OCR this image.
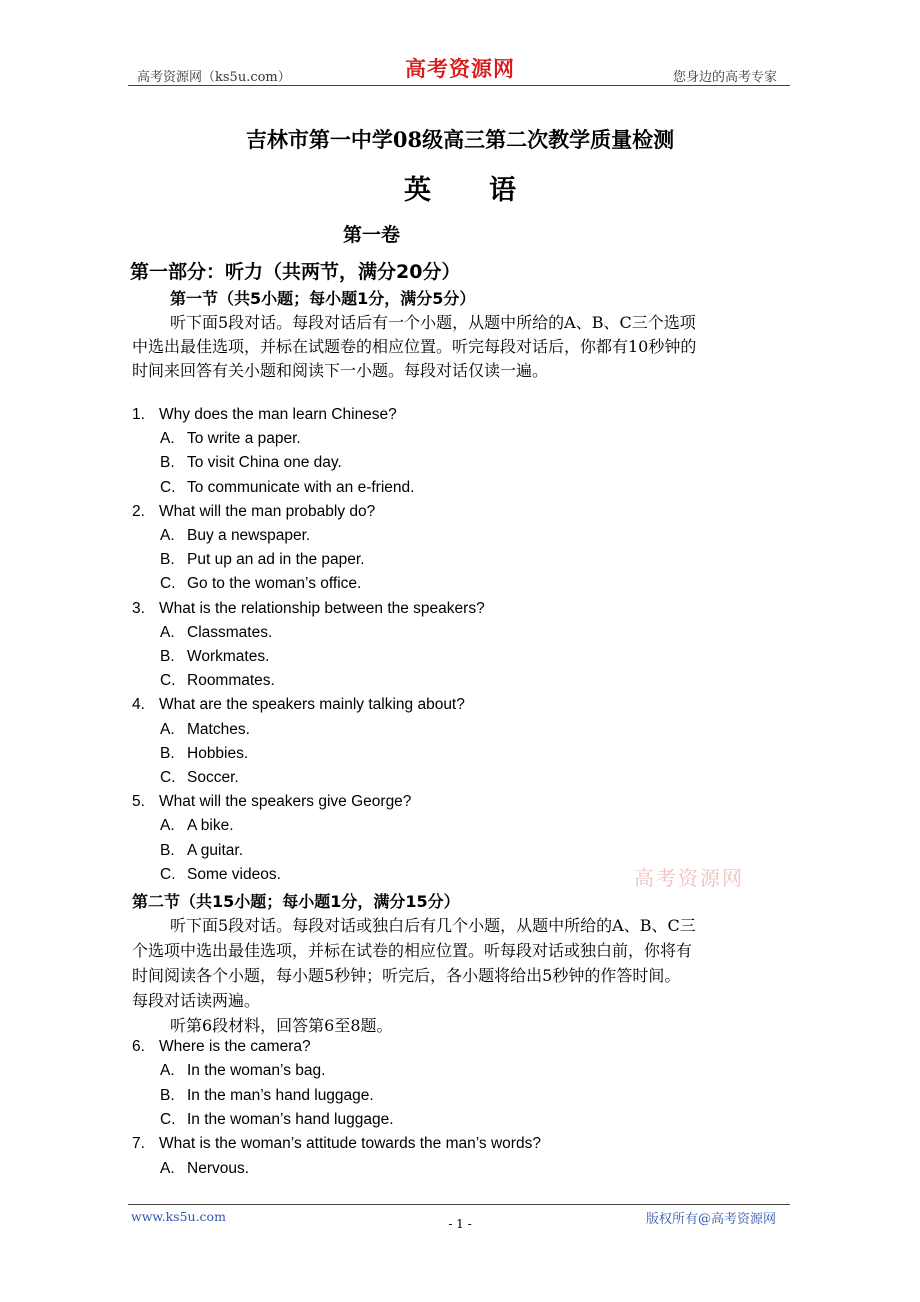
高考资源网（ks5u.com）	高考资源网	您身边的高考专家
吉林市第一中学08级高三第二次教学质量检测
英语
第一卷
第一部分：听力（共两节，满分20分）
第一节（共5小题；每小题1分，满分5分）
听下面5段对话。每段对话后有一个小题，从题中所给的A、B、C三个选项
中选出最佳选项，并标在试题卷的相应位置。听完每段对话后，你都有10秒钟的
时间来回答有关小题和阅读下一小题。每段对话仅读一遍。
1. Why does the man learn Chinese?
A. To write a paper.
B. To visit China one day.
C. To communicate with an e-friend.
2. What will the man probably do?
A. Buy a newspaper.
B. Put up an ad in the paper.
C. Go to the woman’s office.
3. What is the relationship between the speakers?
A. Classmates.
B. Workmates.
C. Roommates.
4. What are the speakers mainly talking about?
A. Matches.
B. Hobbies.
C. Soccer.
5. What will the speakers give George?
A. A bike.
B. A guitar.
C. Some videos.	高考资源网
第二节（共15小题；每小题1分，满分15分）
听下面5段对话。每段对话或独白后有几个小题，从题中所给的A、B、C三
个选项中选出最佳选项，并标在试卷的相应位置。听每段对话或独白前，你将有
时间阅读各个小题，每小题5秒钟；听完后，各小题将给出5秒钟的作答时间。
每段对话读两遍。
听第6段材料，回答第6至8题。
6. Where is the camera?
A. In the woman’s bag.
B. In the man’s hand luggage.
C. In the woman’s hand luggage.
7. What is the woman’s attitude towards the man’s words?
A. Nervous.
www.ks5u.com	- 1 -	版权所有@高考资源网
